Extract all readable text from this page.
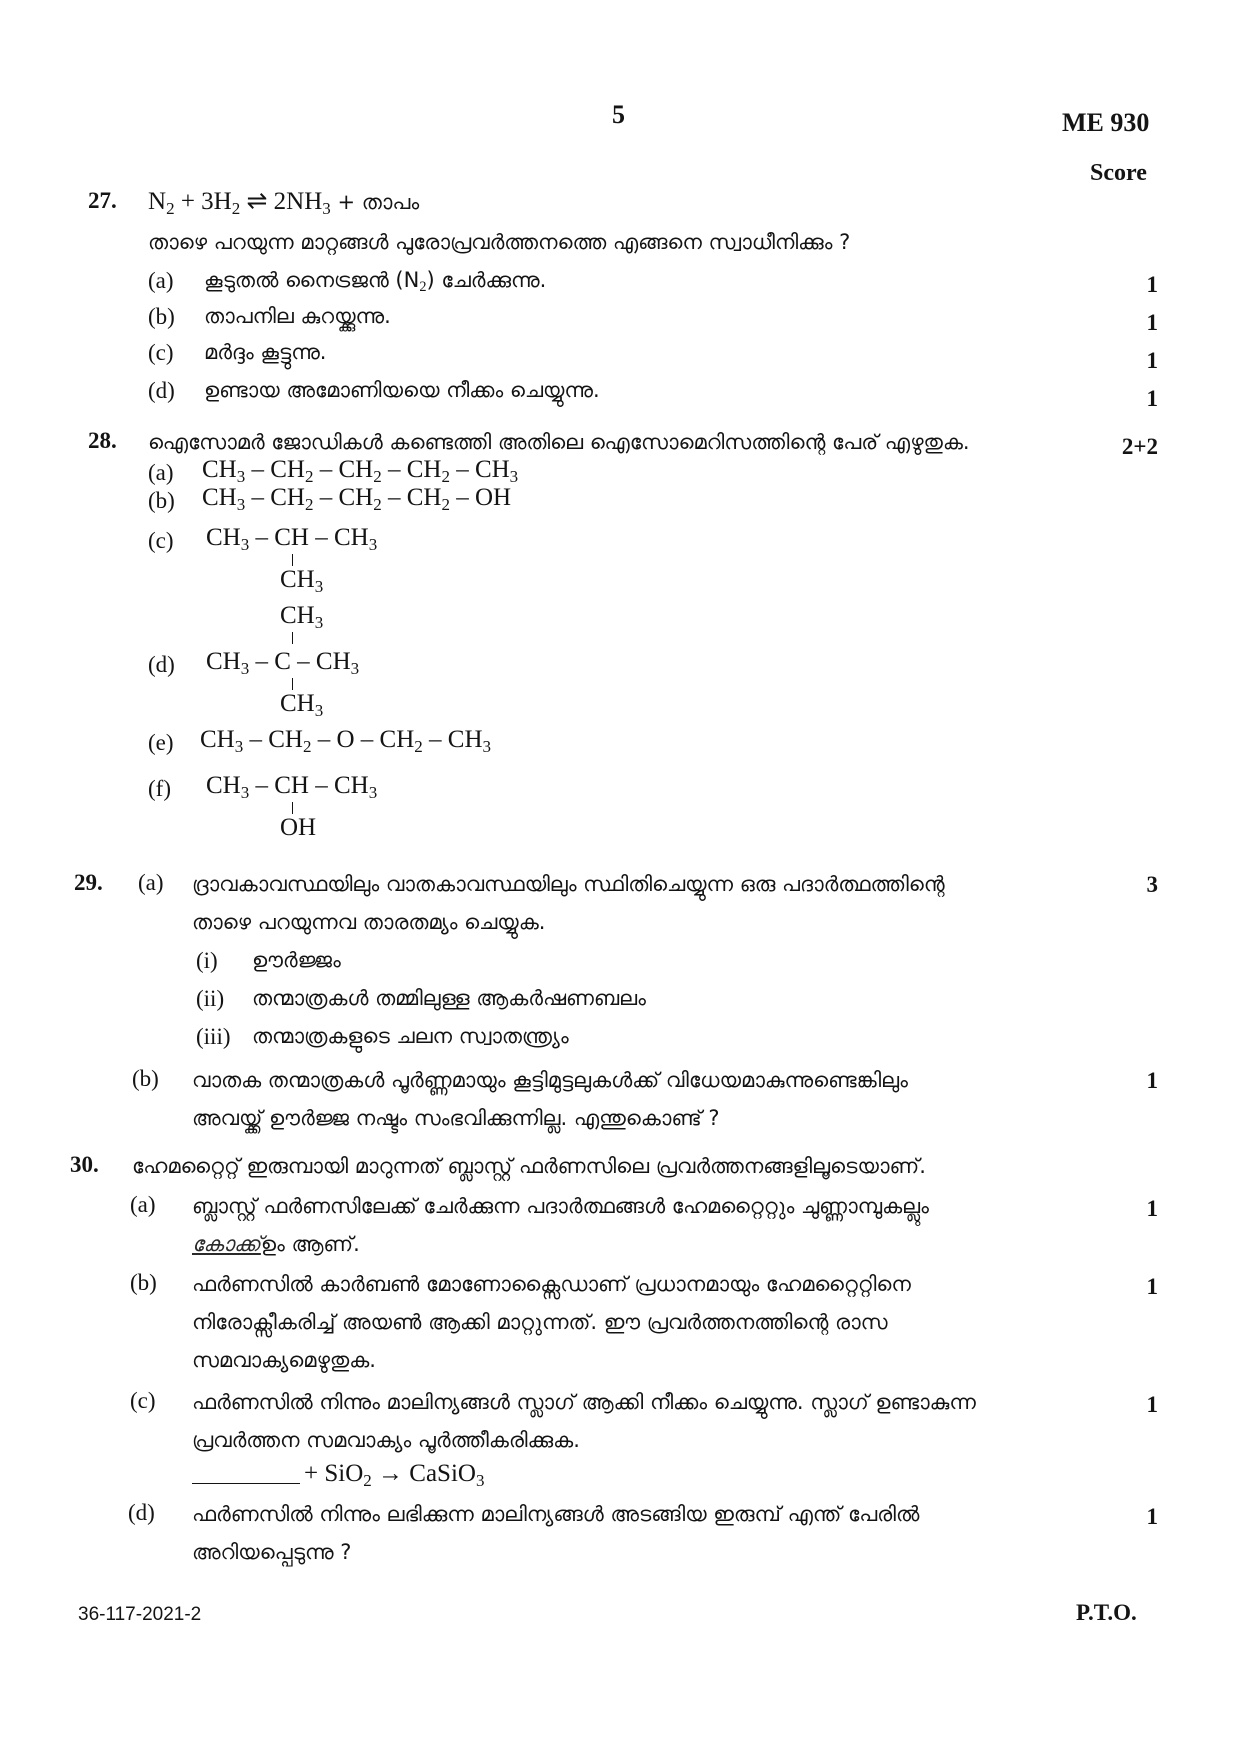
5	ME 930
Score
27. $N_2 + 3H_2$ ⇌ $2NH_3$ + താപം
താഴെ പറയുന്ന മാറ്റങ്ങൾ പുരോപ്രവർത്തനത്തെ എങ്ങനെ സ്വാധീനിക്കും ?
(a) കൂടുതൽ നൈട്രജൻ $(N_2)$ ചേർക്കുന്നു.	1
(b) താപനില കുറയ്ക്കുന്നു.	1
(c) മർദ്ദം കൂട്ടുന്നു.	1
(d) ഉണ്ടായ അമോണിയയെ നീക്കം ചെയ്യുന്നു.	1
28. ഐസോമർ ജോഡികൾ കണ്ടെത്തി അതിലെ ഐസോമെറിസത്തിന്റെ പേര് എഴുതുക.	2+2
(a) $CH_3 - CH_2 - CH_2 - CH_2 - CH_3$
(b) $CH_3 - CH_2 - CH_2 - CH_2$ – OH
(c) $CH_3$ – CH – $CH_3$
$CH_3$
$CH_3$
(d) $CH_3$ – C – $CH_3$
$CH_3$
(e) $CH_3 - CH_2$ – O – $CH_2 - CH_3$
(f) $CH_3$ – CH – $CH_3$
OH
29. (a) ദ്രാവകാവസ്ഥയിലും വാതകാവസ്ഥയിലും സ്ഥിതിചെയ്യുന്ന ഒരു പദാർത്ഥത്തിന്റെ	3
താഴെ പറയുന്നവ താരതമ്യം ചെയ്യുക.
(i) ഊർജ്ജം
(ii) തന്മാത്രകൾ തമ്മിലുള്ള ആകർഷണബലം
(iii) തന്മാത്രകളുടെ ചലന സ്വാതന്ത്ര്യം
(b) വാതക തന്മാത്രകൾ പൂർണ്ണമായും കൂട്ടിമുട്ടലുകൾക്ക് വിധേയമാകുന്നുണ്ടെങ്കിലും	1
അവയ്ക്ക് ഊർജ്ജ നഷ്ടം സംഭവിക്കുന്നില്ല. എന്തുകൊണ്ട് ?
30. ഹേമറ്റൈറ്റ് ഇരുമ്പായി മാറുന്നത് ബ്ലാസ്റ്റ് ഫർണസിലെ പ്രവർത്തനങ്ങളിലൂടെയാണ്.
(a) ബ്ലാസ്റ്റ് ഫർണസിലേക്ക് ചേർക്കുന്ന പദാർത്ഥങ്ങൾ ഹേമറ്റൈറ്റും ചുണ്ണാമ്പുകല്ലും	1
കോക്ക്ഉം ആണ്.
(b) ഫർണസിൽ കാർബൺ മോണോക്സൈഡാണ് പ്രധാനമായും ഹേമറ്റൈറ്റിനെ	1
നിരോക്സീകരിച്ച് അയൺ ആക്കി മാറ്റുന്നത്. ഈ പ്രവർത്തനത്തിന്റെ രാസ
സമവാക്യമെഴുതുക.
(c) ഫർണസിൽ നിന്നും മാലിന്യങ്ങൾ സ്ലാഗ് ആക്കി നീക്കം ചെയ്യുന്നു. സ്ലാഗ് ഉണ്ടാകുന്ന	1
പ്രവർത്തന സമവാക്യം പൂർത്തീകരിക്കുക.
+ SiO$_2$ → CaSiO$_3$
(d) ഫർണസിൽ നിന്നും ലഭിക്കുന്ന മാലിന്യങ്ങൾ അടങ്ങിയ ഇരുമ്പ് എന്ത് പേരിൽ	1
അറിയപ്പെടുന്നു ?
36-117-2021-2	P.T.O.
